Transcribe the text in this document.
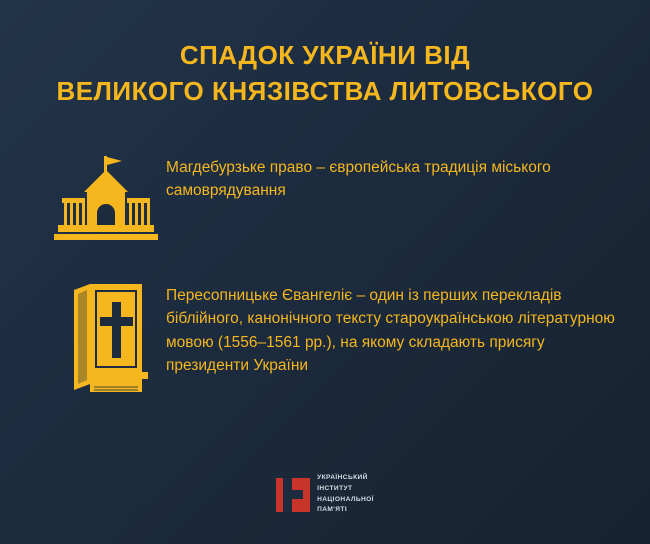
СПАДОК УКРАЇНИ ВІД
ВЕЛИКОГО КНЯЗІВСТВА ЛИТОВСЬКОГО
Магдебурзьке право – європейська традиція міського самоврядування
Пересопницьке Євангеліє – один із перших перекладів біблійного, канонічного тексту староукраїнською літературною мовою (1556–1561 рр.), на якому складають присягу президенти України
УКРАЇНСЬКИЙ
ІНСТИТУТ
НАЦІОНАЛЬНОЇ
ПАМ'ЯТІ
